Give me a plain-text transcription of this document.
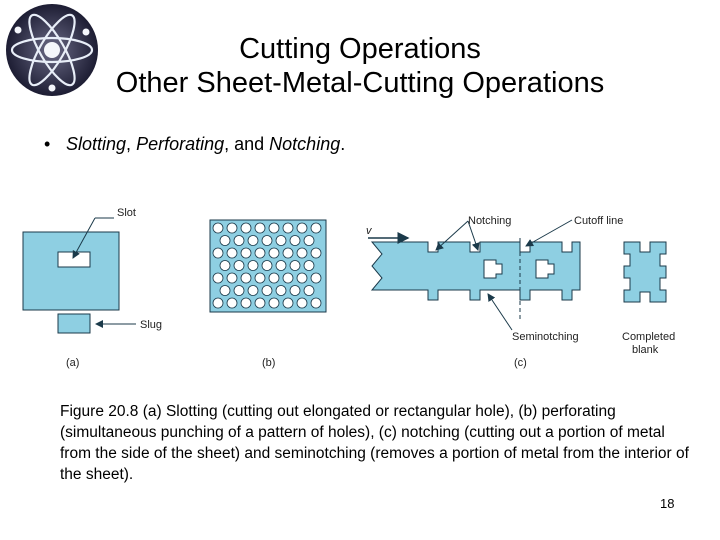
Cutting Operations
Other Sheet-Metal-Cutting Operations
• Slotting, Perforating, and Notching.
Slot
Slug
(a)	(b)
v
Notching	Cutoff line
Seminotching	Completed
blank
(c)
Figure 20.8 (a) Slotting (cutting out elongated or rectangular hole), (b) perforating (simultaneous punching of a pattern of holes), (c) notching (cutting out a portion of metal from the side of the sheet) and seminotching (removes a portion of metal from the interior of the sheet).
18
